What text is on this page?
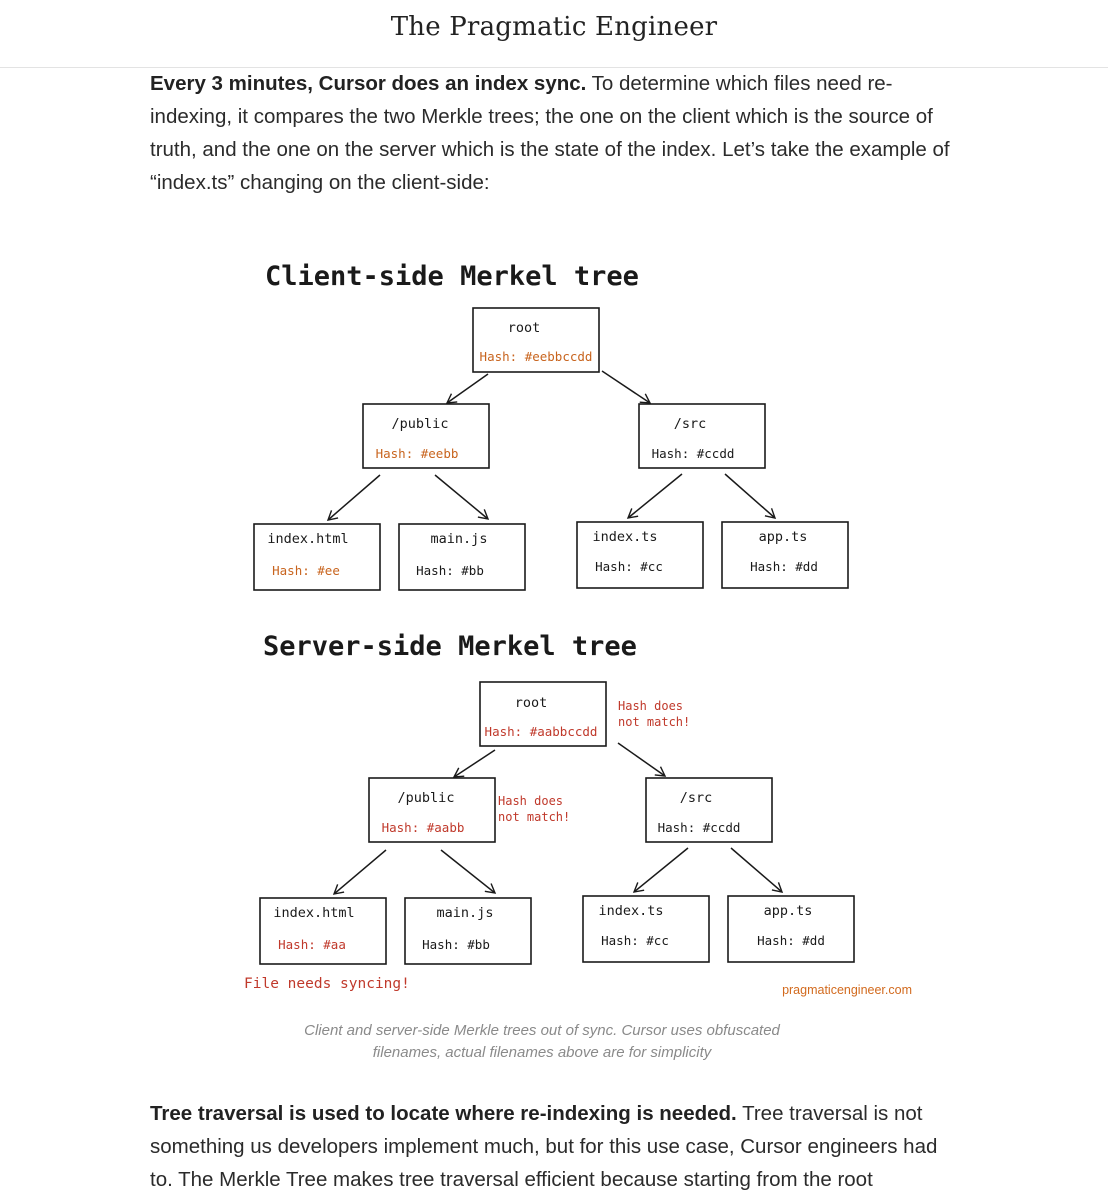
The Pragmatic Engineer

Every 3 minutes, Cursor does an index sync. To determine which files need re-indexing, it compares the two Merkle trees; the one on the client which is the source of truth, and the one on the server which is the state of the index. Let’s take the example of “index.ts” changing on the client-side:

Client-side Merkel tree
root
Hash: #eebbccdd
/public
Hash: #eebb
/src
Hash: #ccdd
index.html
Hash: #ee
main.js
Hash: #bb
index.ts
Hash: #cc
app.ts
Hash: #dd
Server-side Merkel tree
root
Hash: #aabbccdd
Hash does
not match!
/public
Hash: #aabb
Hash does
not match!
/src
Hash: #ccdd
index.html
Hash: #aa
main.js
Hash: #bb
index.ts
Hash: #cc
app.ts
Hash: #dd
File needs syncing!	pragmaticengineer.com
Client and server-side Merkle trees out of sync. Cursor uses obfuscated
filenames, actual filenames above are for simplicity

Tree traversal is used to locate where re-indexing is needed. Tree traversal is not something us developers implement much, but for this use case, Cursor engineers had to. The Merkle Tree makes tree traversal efficient because starting from the root
